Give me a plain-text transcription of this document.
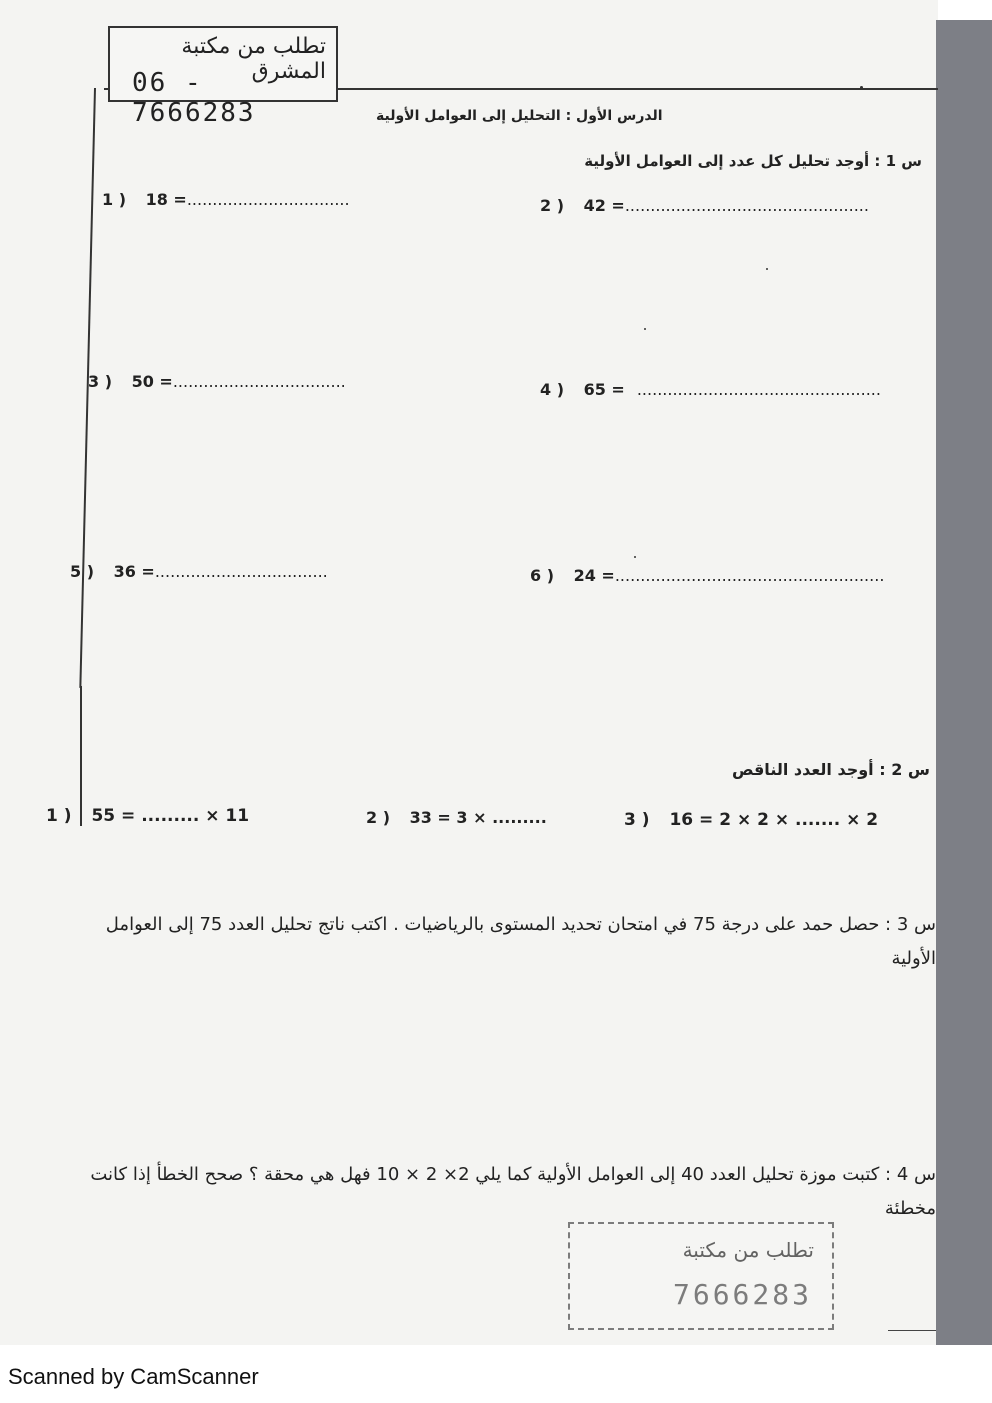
تطلب من مكتبة المشرق
06 - 7666283	الدرس الأول : التحليل إلى العوامل الأولية
س 1 : أوجد تحليل كل عدد إلى العوامل الأولية
1 ) 18 =................................	2 ) 42 =................................................
3 ) 50 =..................................	4 ) 65 = ................................................
5 ) 36 =..................................	6 ) 24 =.....................................................
س 2 : أوجد العدد الناقص
1 ) 55 = ......... × 11	2 ) 33 = 3 × .........	3 ) 16 = 2 × 2 × ....... × 2
س 3 : حصل حمد على درجة 75 في امتحان تحديد المستوى بالرياضيات . اكتب ناتج تحليل العدد 75 إلى العوامل
الأولية
س 4 : كتبت موزة تحليل العدد 40 إلى العوامل الأولية كما يلي 2× 2 × 10 فهل هي محقة ؟ صحح الخطأ إذا كانت
مخطئة
تطلب من مكتبة
7666283
Scanned by CamScanner
